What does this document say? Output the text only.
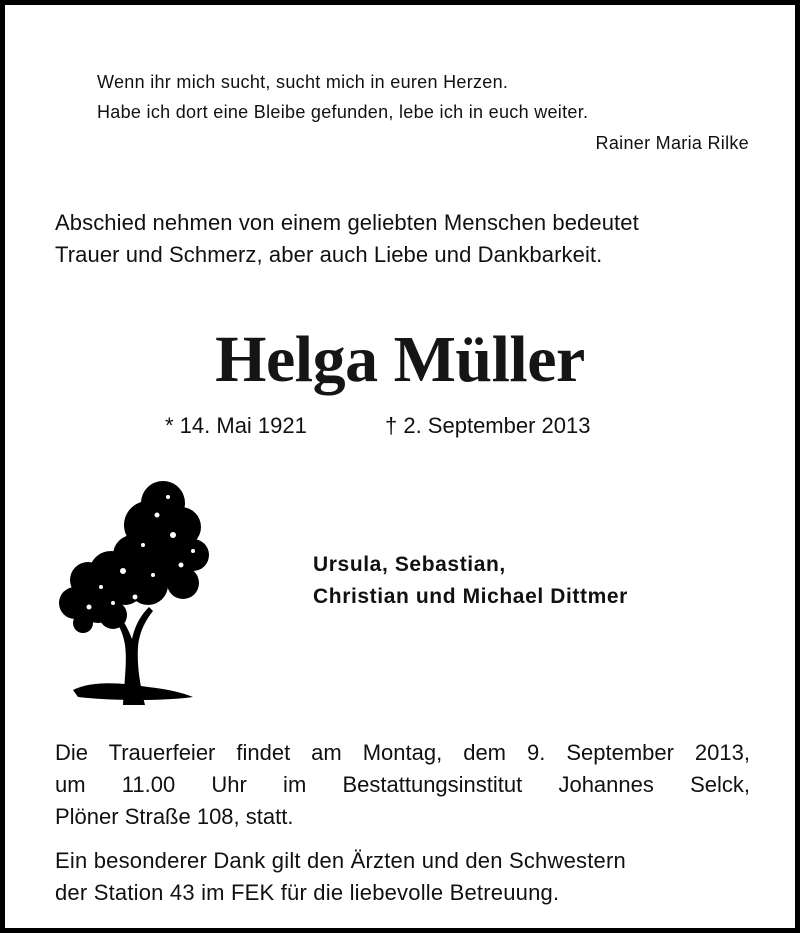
Wenn ihr mich sucht, sucht mich in euren Herzen.
Habe ich dort eine Bleibe gefunden, lebe ich in euch weiter.
Rainer Maria Rilke
Abschied nehmen von einem geliebten Menschen bedeutet
Trauer und Schmerz, aber auch Liebe und Dankbarkeit.
Helga Müller
* 14. Mai 1921	† 2. September 2013
Ursula, Sebastian,
Christian und Michael Dittmer
Die Trauerfeier findet am Montag, dem 9. September 2013,
um 11.00 Uhr im Bestattungsinstitut Johannes Selck,
Plöner Straße 108, statt.
Ein besonderer Dank gilt den Ärzten und den Schwestern
der Station 43 im FEK für die liebevolle Betreuung.
